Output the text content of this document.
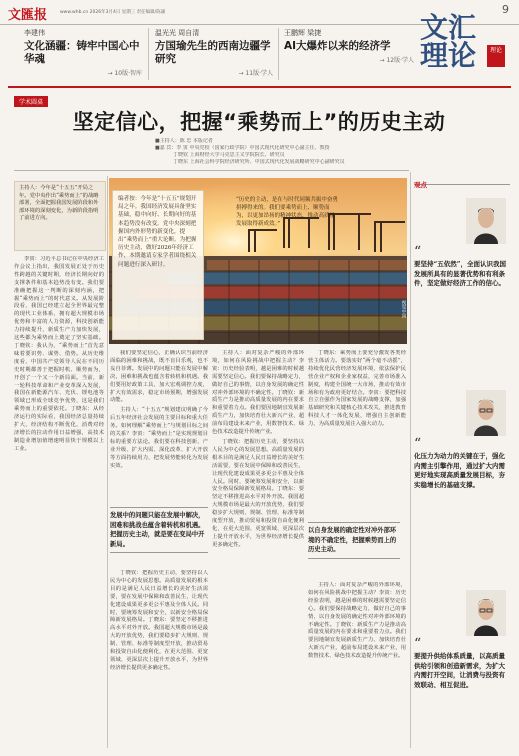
文匯报	www.whb.cn 2026年3月4日 星期三 责任编辑/陈谦	9
文汇理论	理论
李建伟
文化涵疆：铸牢中国心中华魂
→ 10版·智库
温光光 周自清
方国瑜先生的西南边疆学研究
→ 11版·学人
王鹏辉 梁捷
AI大爆炸以来的经济学
→ 12版·学人
学术圆桌
坚定信心，把握“乘势而上”的历史主动
■主持人：陈 忠 本版记者
■嘉 宾：李 寅 中央党校（国家行政学院）中国式现代化研究中心副主任、教授
丁晓钦 上海财经大学马克思主义学院院长、研究员
丁晓东 上海社会科学院经济研究所、中国式现代化发展战略研究中心副研究员
主持人：今年是“十五五”开局之年。党中央作出“乘势而上”的战略部署，全面把握我国发展阶段和外部环境的深刻变化，为新阶段指明了前进方向。
编者按：今年是“十五五”规划开局之年。我国经济发展具备坚实基础，稳中向好、长期向好的基本趋势没有改变。党中央深刻把握国内外形势的新变化，提出“乘势而上”重大论断。为把握历史主动，做好2026年经济工作，本期邀请专家学者围绕相关问题进行深入研讨。
“历史的主动，是在与时代同频共振中奋勇拼搏得来的。我们要乘势而上、顺势而为，以更加昂扬的精神状态，推动高质量发展取得新成效。”
视觉中国

李寅：习近平总书记在中央经济工作会议上指出，我国发展正处于历史性跨越的关键时期，经济长期向好的支撑条件和基本趋势没有变。我们要准确把握这一判断的深刻内涵，把握“乘势而上”的时代意义。从发展阶段看，我国已经建立起全世界最完整的现代工业体系，拥有超大规模市场优势和丰富的人力资源，科技创新能力持续提升，新质生产力加快发展，这些都为乘势而上奠定了坚实基础。丁晓钦：我认为，“乘势而上”首先意味着要识势、谋势、借势。从历史维度看，中国共产党领导人民在不同历史时期都善于把握时机、顺势而为，开创了一个又一个新局面。当前，新一轮科技革命和产业变革深入发展，我国在新能源汽车、光伏、锂电池等领域已形成全球竞争优势，这是我们乘势而上的重要依托。丁晓东：从经济运行的实际看，我国经济总量持续扩大，经济结构不断优化，消费对经济增长的拉动作用日益增强，高技术制造业增加值增速明显快于规模以上工业。

我们要坚定信心，正确认识当前经济面临的困难和挑战，既不盲目乐观，也不妄自菲薄。发展中的问题只能在发展中解决，困难和挑战也蕴含着转机和机遇。我们要用好政策工具，加大宏观调控力度，扩大有效需求，稳定市场预期，增强发展动能。

主持人：“十五五”规划建议明确了今后五年经济社会发展的主要目标和重大任务。如何理解“乘势而上”与规划目标之间的关系？李寅：“乘势而上”是实现规划目标的重要方法论。我们要在科技创新、产业升级、扩大内需、深化改革、扩大开放等方面持续用力，把发展势能转化为发展实效。

发展中的问题只能在发展中解决，困难和挑战也蕴含着转机和机遇。把握历史主动，就是要在变局中开新局。

丁晓钦：把握历史主动，要坚持以人民为中心的发展思想。高质量发展的根本目的是满足人民日益增长的美好生活需要，要在发展中保障和改善民生，让现代化建设成果更多更公平惠及全体人民。同时，要统筹发展和安全，以新安全格局保障新发展格局。丁晓东：要坚定不移推进高水平对外开放。我国超大规模市场是最大的开放优势，我们要稳步扩大规则、规制、管理、标准等制度型开放，推动贸易和投资自由化便利化，在更大范围、更宽领域、更深层次上提升开放水平，为世界经济增长提供更多确定性。

主持人：面对复杂严峻的外部环境，如何在风险挑战中把握主动？李寅：历史经验表明，越是困难的时候越需要坚定信心。我们要保持战略定力，做好自己的事情，以自身发展的确定性对冲外部环境的不确定性。丁晓钦：新质生产力是推动高质量发展的内在要求和重要着力点。我们要因地制宜发展新质生产力，加快培育壮大新兴产业，超前布局建设未来产业，用数智技术、绿色技术改造提升传统产业。

丁晓钦：把握历史主动，要坚持以人民为中心的发展思想。高质量发展的根本目的是满足人民日益增长的美好生活需要，要在发展中保障和改善民生，让现代化建设成果更多更公平惠及全体人民。同时，要统筹发展和安全，以新安全格局保障新发展格局。丁晓东：要坚定不移推进高水平对外开放。我国超大规模市场是最大的开放优势，我们要稳步扩大规则、规制、管理、标准等制度型开放，推动贸易和投资自由化便利化，在更大范围、更宽领域、更深层次上提升开放水平，为世界经济增长提供更多确定性。

丁晓东：乘势而上要充分激发各类经营主体活力。要落实好“两个毫不动摇”，持续优化民营经济发展环境，依法保护民营企业产权和企业家权益，完善市场准入制度，构建全国统一大市场，推动有效市场和有为政府更好结合。李寅：要把科技自立自强作为国家发展的战略支撑，加强基础研究和关键核心技术攻关，推进教育科技人才一体化发展，增强自主创新能力，为高质量发展注入强大动力。

以自身发展的确定性对冲外部环境的不确定性，把握乘势而上的历史主动。

主持人：面对复杂严峻的外部环境，如何在风险挑战中把握主动？李寅：历史经验表明，越是困难的时候越需要坚定信心。我们要保持战略定力，做好自己的事情，以自身发展的确定性对冲外部环境的不确定性。丁晓钦：新质生产力是推动高质量发展的内在要求和重要着力点。我们要因地制宜发展新质生产力，加快培育壮大新兴产业，超前布局建设未来产业，用数智技术、绿色技术改造提升传统产业。

观点
“
要坚持“五依然”，全面认识我国发展所具有的显著优势和有利条件，坚定做好经济工作的信心。
“
化压力为动力的关键在于，强化内需主引擎作用，通过扩大内需更好地实现高质量发展目标，夯实稳增长的基础支撑。
“
要提升供给体系质量，以高质量供给引领和创造新需求，为扩大内需打开空间，让消费与投资有效联动、相互促进。
